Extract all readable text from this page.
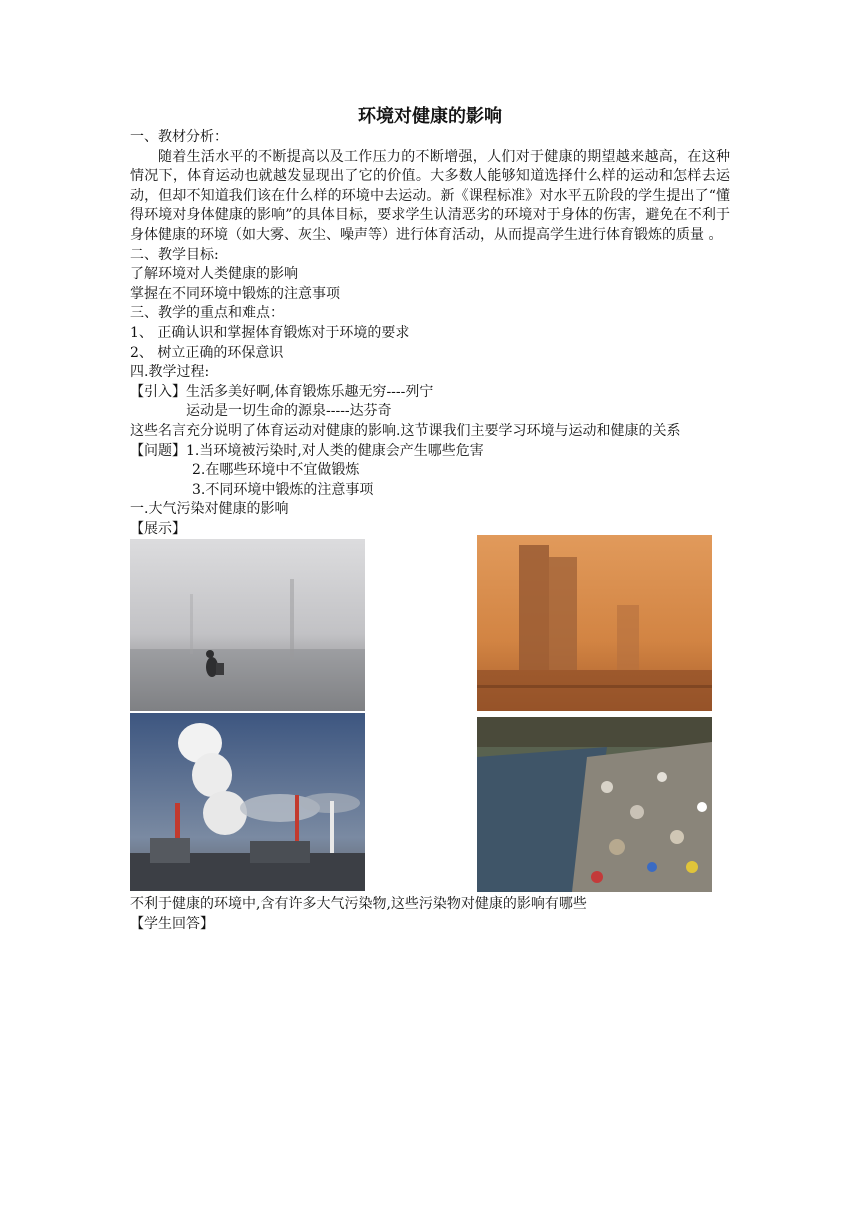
环境对健康的影响

一、教材分析：

随着生活水平的不断提高以及工作压力的不断增强，人们对于健康的期望越来越高，在这种情况下，体育运动也就越发显现出了它的价值。大多数人能够知道选择什么样的运动和怎样去运动，但却不知道我们该在什么样的环境中去运动。新《课程标准》对水平五阶段的学生提出了“懂得环境对身体健康的影响”的具体目标，要求学生认清恶劣的环境对于身体的伤害，避免在不利于身体健康的环境（如大雾、灰尘、噪声等）进行体育活动，从而提高学生进行体育锻炼的质量 。

二、教学目标:

了解环境对人类健康的影响

掌握在不同环境中锻炼的注意事项

三、教学的重点和难点：

1、 正确认识和掌握体育锻炼对于环境的要求

2、 树立正确的环保意识

四.教学过程:

【引入】生活多美好啊,体育锻炼乐趣无穷----列宁

运动是一切生命的源泉-----达芬奇

这些名言充分说明了体育运动对健康的影响.这节课我们主要学习环境与运动和健康的关系

【问题】1.当环境被污染时,对人类的健康会产生哪些危害

2.在哪些环境中不宜做锻炼

3.不同环境中锻炼的注意事项

一.大气污染对健康的影响

【展示】

不利于健康的环境中,含有许多大气污染物,这些污染物对健康的影响有哪些

【学生回答】
